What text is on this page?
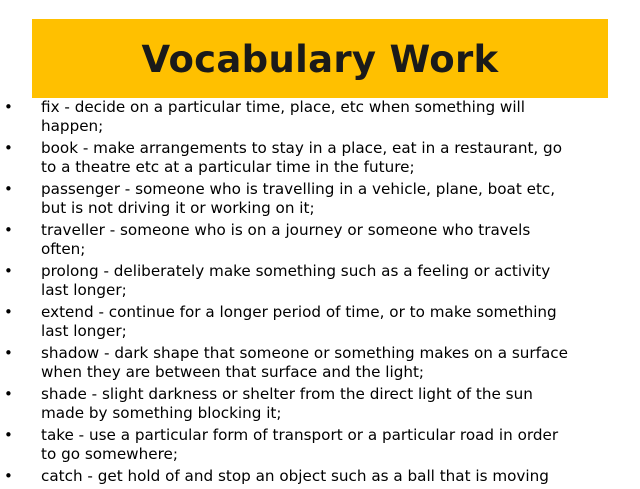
Vocabulary Work
• fix - decide on a particular time, place, etc when something will
happen;
• book - make arrangements to stay in a place, eat in a restaurant, go
to a theatre etc at a particular time in the future;
• passenger - someone who is travelling in a vehicle, plane, boat etc,
but is not driving it or working on it;
• traveller - someone who is on a journey or someone who travels
often;
• prolong - deliberately make something such as a feeling or activity
last longer;
• extend - continue for a longer period of time, or to make something
last longer;
• shadow - dark shape that someone or something makes on a surface
when they are between that surface and the light;
• shade - slight darkness or shelter from the direct light of the sun
made by something blocking it;
• take - use a particular form of transport or a particular road in order
to go somewhere;
• catch - get hold of and stop an object such as a ball that is moving
